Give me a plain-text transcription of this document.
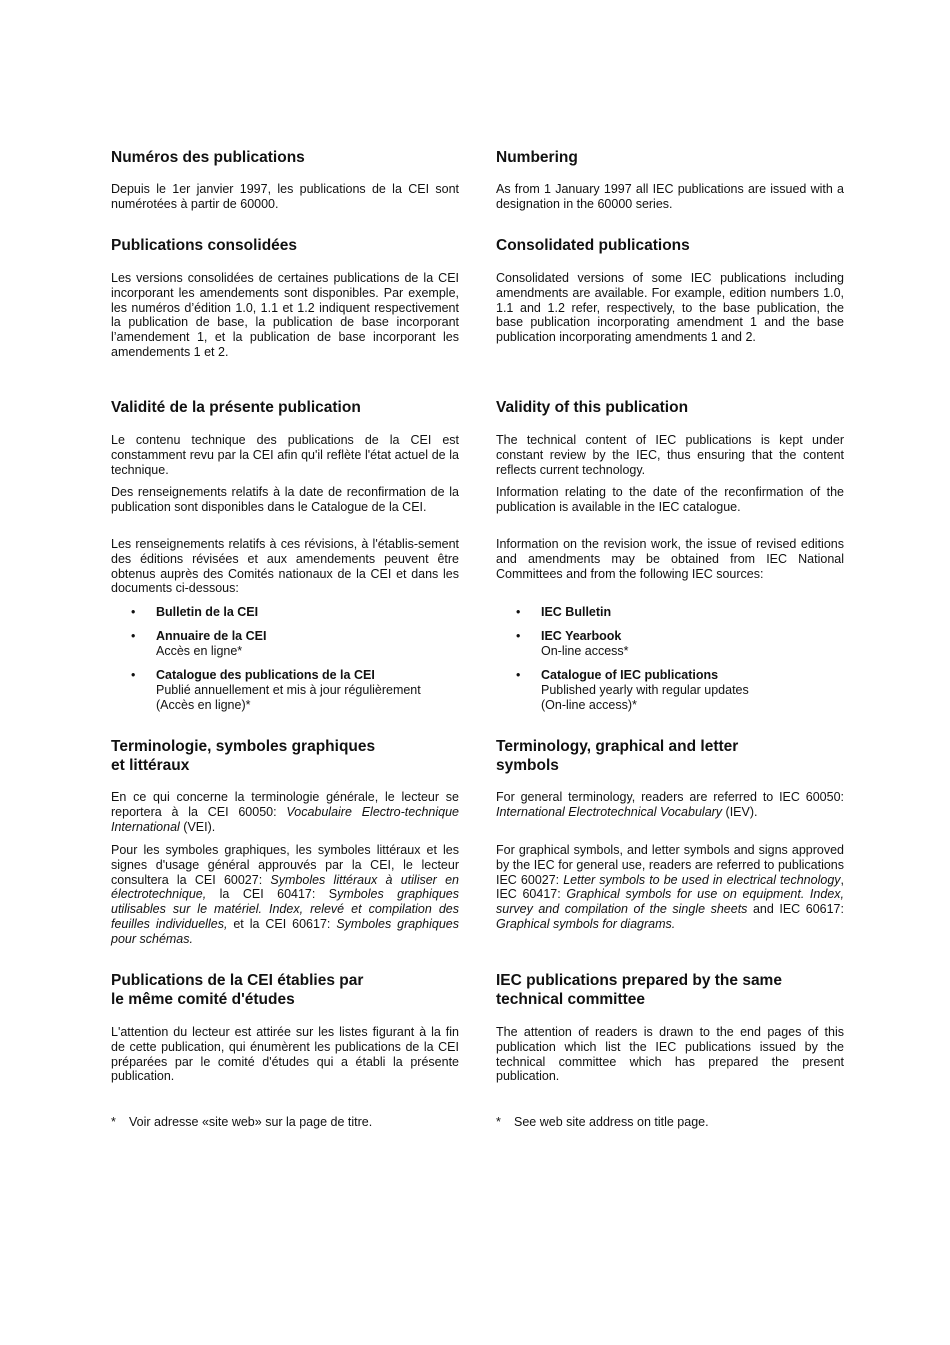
Numéros des publications

Depuis le 1er janvier 1997, les publications de la CEI sont numérotées à partir de 60000.

Publications consolidées

Les versions consolidées de certaines publications de la CEI incorporant les amendements sont disponibles. Par exemple, les numéros d’édition 1.0, 1.1 et 1.2 indiquent respectivement la publication de base, la publication de base incorporant l’amendement 1, et la publication de base incorporant les amendements 1 et 2.

Validité de la présente publication

Le contenu technique des publications de la CEI est constamment revu par la CEI afin qu'il reflète l'état actuel de la technique.

Des renseignements relatifs à la date de reconfirmation de la publication sont disponibles dans le Catalogue de la CEI.

Les renseignements relatifs à ces révisions, à l'établis-sement des éditions révisées et aux amendements peuvent être obtenus auprès des Comités nationaux de la CEI et dans les documents ci-dessous:

• Bulletin de la CEI
• Annuaire de la CEI
Accès en ligne*
• Catalogue des publications de la CEI
Publié annuellement et mis à jour régulièrement
(Accès en ligne)*
Terminologie, symboles graphiques
et littéraux

En ce qui concerne la terminologie générale, le lecteur se reportera à la CEI 60050: Vocabulaire Electro-technique International (VEI).

Pour les symboles graphiques, les symboles littéraux et les signes d'usage général approuvés par la CEI, le lecteur consultera la CEI 60027: Symboles littéraux à utiliser en électrotechnique, la CEI 60417: Symboles graphiques utilisables sur le matériel. Index, relevé et compilation des feuilles individuelles, et la CEI 60617: Symboles graphiques pour schémas.

Publications de la CEI établies par
le même comité d'études

L'attention du lecteur est attirée sur les listes figurant à la fin de cette publication, qui énumèrent les publications de la CEI préparées par le comité d'études qui a établi la présente publication.

* Voir adresse «site web» sur la page de titre.
Numbering

As from 1 January 1997 all IEC publications are issued with a designation in the 60000 series.

Consolidated publications

Consolidated versions of some IEC publications including amendments are available. For example, edition numbers 1.0, 1.1 and 1.2 refer, respectively, to the base publication, the base publication incorporating amendment 1 and the base publication incorporating amendments 1 and 2.

Validity of this publication

The technical content of IEC publications is kept under constant review by the IEC, thus ensuring that the content reflects current technology.

Information relating to the date of the reconfirmation of the publication is available in the IEC catalogue.

Information on the revision work, the issue of revised editions and amendments may be obtained from IEC National Committees and from the following IEC sources:

• IEC Bulletin
• IEC Yearbook
On-line access*
• Catalogue of IEC publications
Published yearly with regular updates
(On-line access)*
Terminology, graphical and letter
symbols

For general terminology, readers are referred to IEC 60050: International Electrotechnical Vocabulary (IEV).

For graphical symbols, and letter symbols and signs approved by the IEC for general use, readers are referred to publications IEC 60027: Letter symbols to be used in electrical technology, IEC 60417: Graphical symbols for use on equipment. Index, survey and compilation of the single sheets and IEC 60617: Graphical symbols for diagrams.

IEC publications prepared by the same
technical committee

The attention of readers is drawn to the end pages of this publication which list the IEC publications issued by the technical committee which has prepared the present publication.

* See web site address on title page.
